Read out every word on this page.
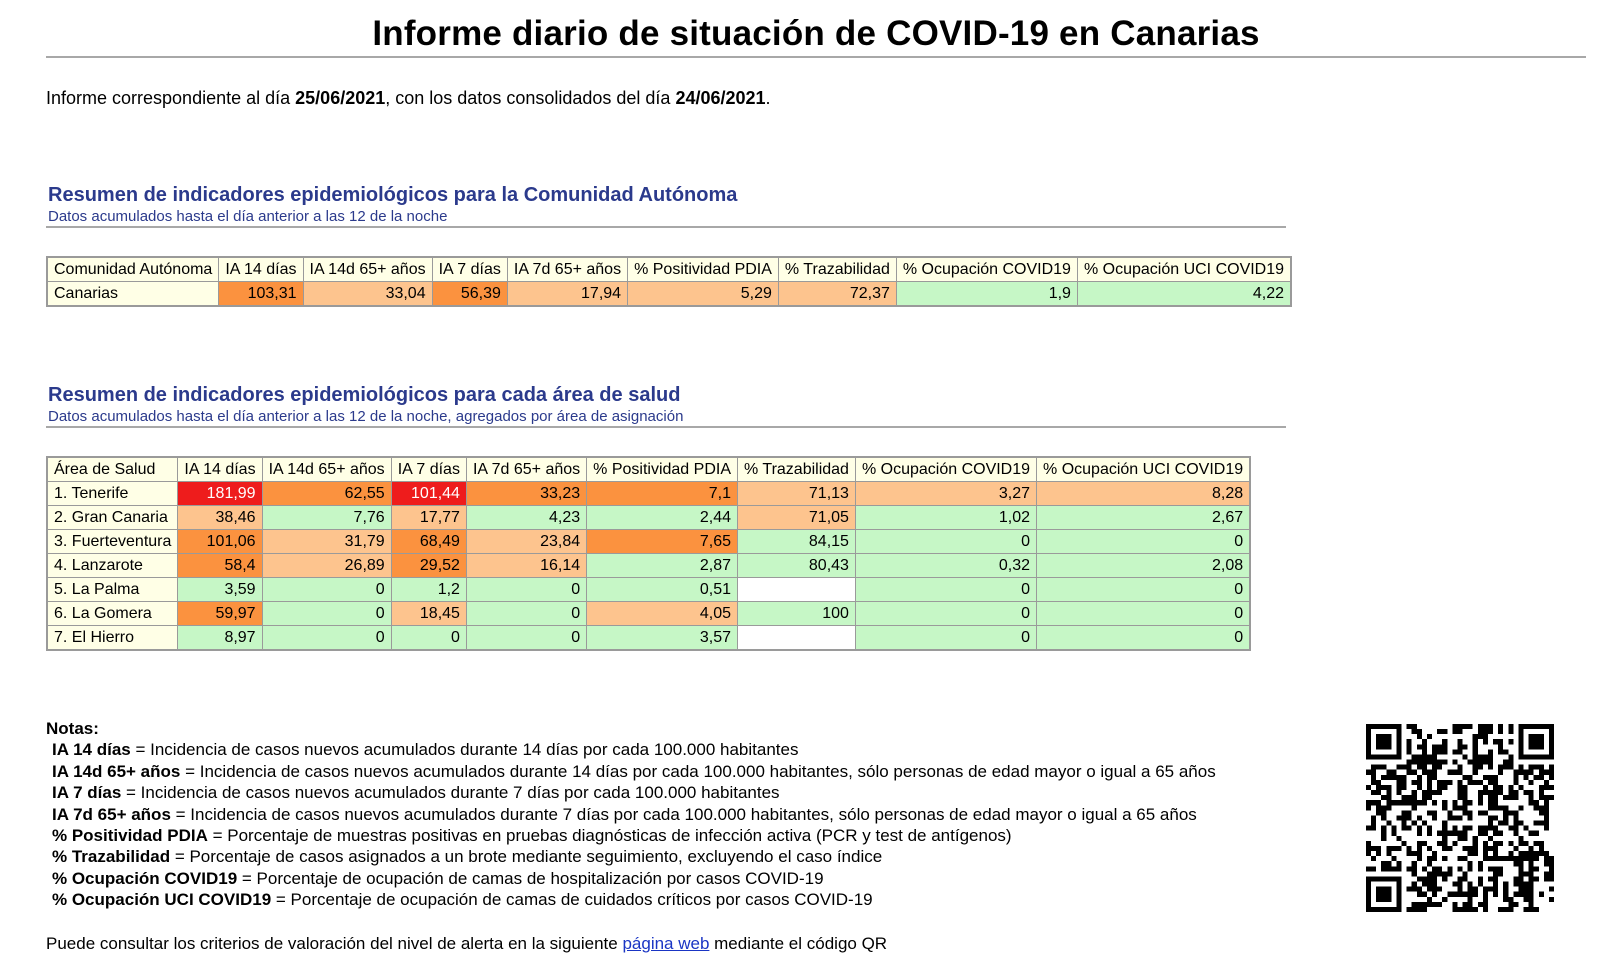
Informe diario de situación de COVID-19 en Canarias
Informe correspondiente al día 25/06/2021, con los datos consolidados del día 24/06/2021.
Resumen de indicadores epidemiológicos para la Comunidad Autónoma
Datos acumulados hasta el día anterior a las 12 de la noche
Comunidad Autónoma	IA 14 días	IA 14d 65+ años	IA 7 días	IA 7d 65+ años	% Positividad PDIA	% Trazabilidad	% Ocupación COVID19	% Ocupación UCI COVID19
Canarias	103,31	33,04	56,39	17,94	5,29	72,37	1,9	4,22
Resumen de indicadores epidemiológicos para cada área de salud
Datos acumulados hasta el día anterior a las 12 de la noche, agregados por área de asignación
Área de Salud	IA 14 días	IA 14d 65+ años	IA 7 días	IA 7d 65+ años	% Positividad PDIA	% Trazabilidad	% Ocupación COVID19	% Ocupación UCI COVID19
1. Tenerife	181,99	62,55	101,44	33,23	7,1	71,13	3,27	8,28
2. Gran Canaria	38,46	7,76	17,77	4,23	2,44	71,05	1,02	2,67
3. Fuerteventura	101,06	31,79	68,49	23,84	7,65	84,15	0	0
4. Lanzarote	58,4	26,89	29,52	16,14	2,87	80,43	0,32	2,08
5. La Palma	3,59	0	1,2	0	0,51		0	0
6. La Gomera	59,97	0	18,45	0	4,05	100	0	0
7. El Hierro	8,97	0	0	0	3,57		0	0
Notas:
IA 14 días = Incidencia de casos nuevos acumulados durante 14 días por cada 100.000 habitantes
IA 14d 65+ años = Incidencia de casos nuevos acumulados durante 14 días por cada 100.000 habitantes, sólo personas de edad mayor o igual a 65 años
IA 7 días = Incidencia de casos nuevos acumulados durante 7 días por cada 100.000 habitantes
IA 7d 65+ años = Incidencia de casos nuevos acumulados durante 7 días por cada 100.000 habitantes, sólo personas de edad mayor o igual a 65 años
% Positividad PDIA = Porcentaje de muestras positivas en pruebas diagnósticas de infección activa (PCR y test de antígenos)
% Trazabilidad = Porcentaje de casos asignados a un brote mediante seguimiento, excluyendo el caso índice
% Ocupación COVID19 = Porcentaje de ocupación de camas de hospitalización por casos COVID-19
% Ocupación UCI COVID19 = Porcentaje de ocupación de camas de cuidados críticos por casos COVID-19
Puede consultar los criterios de valoración del nivel de alerta en la siguiente página web mediante el código QR
